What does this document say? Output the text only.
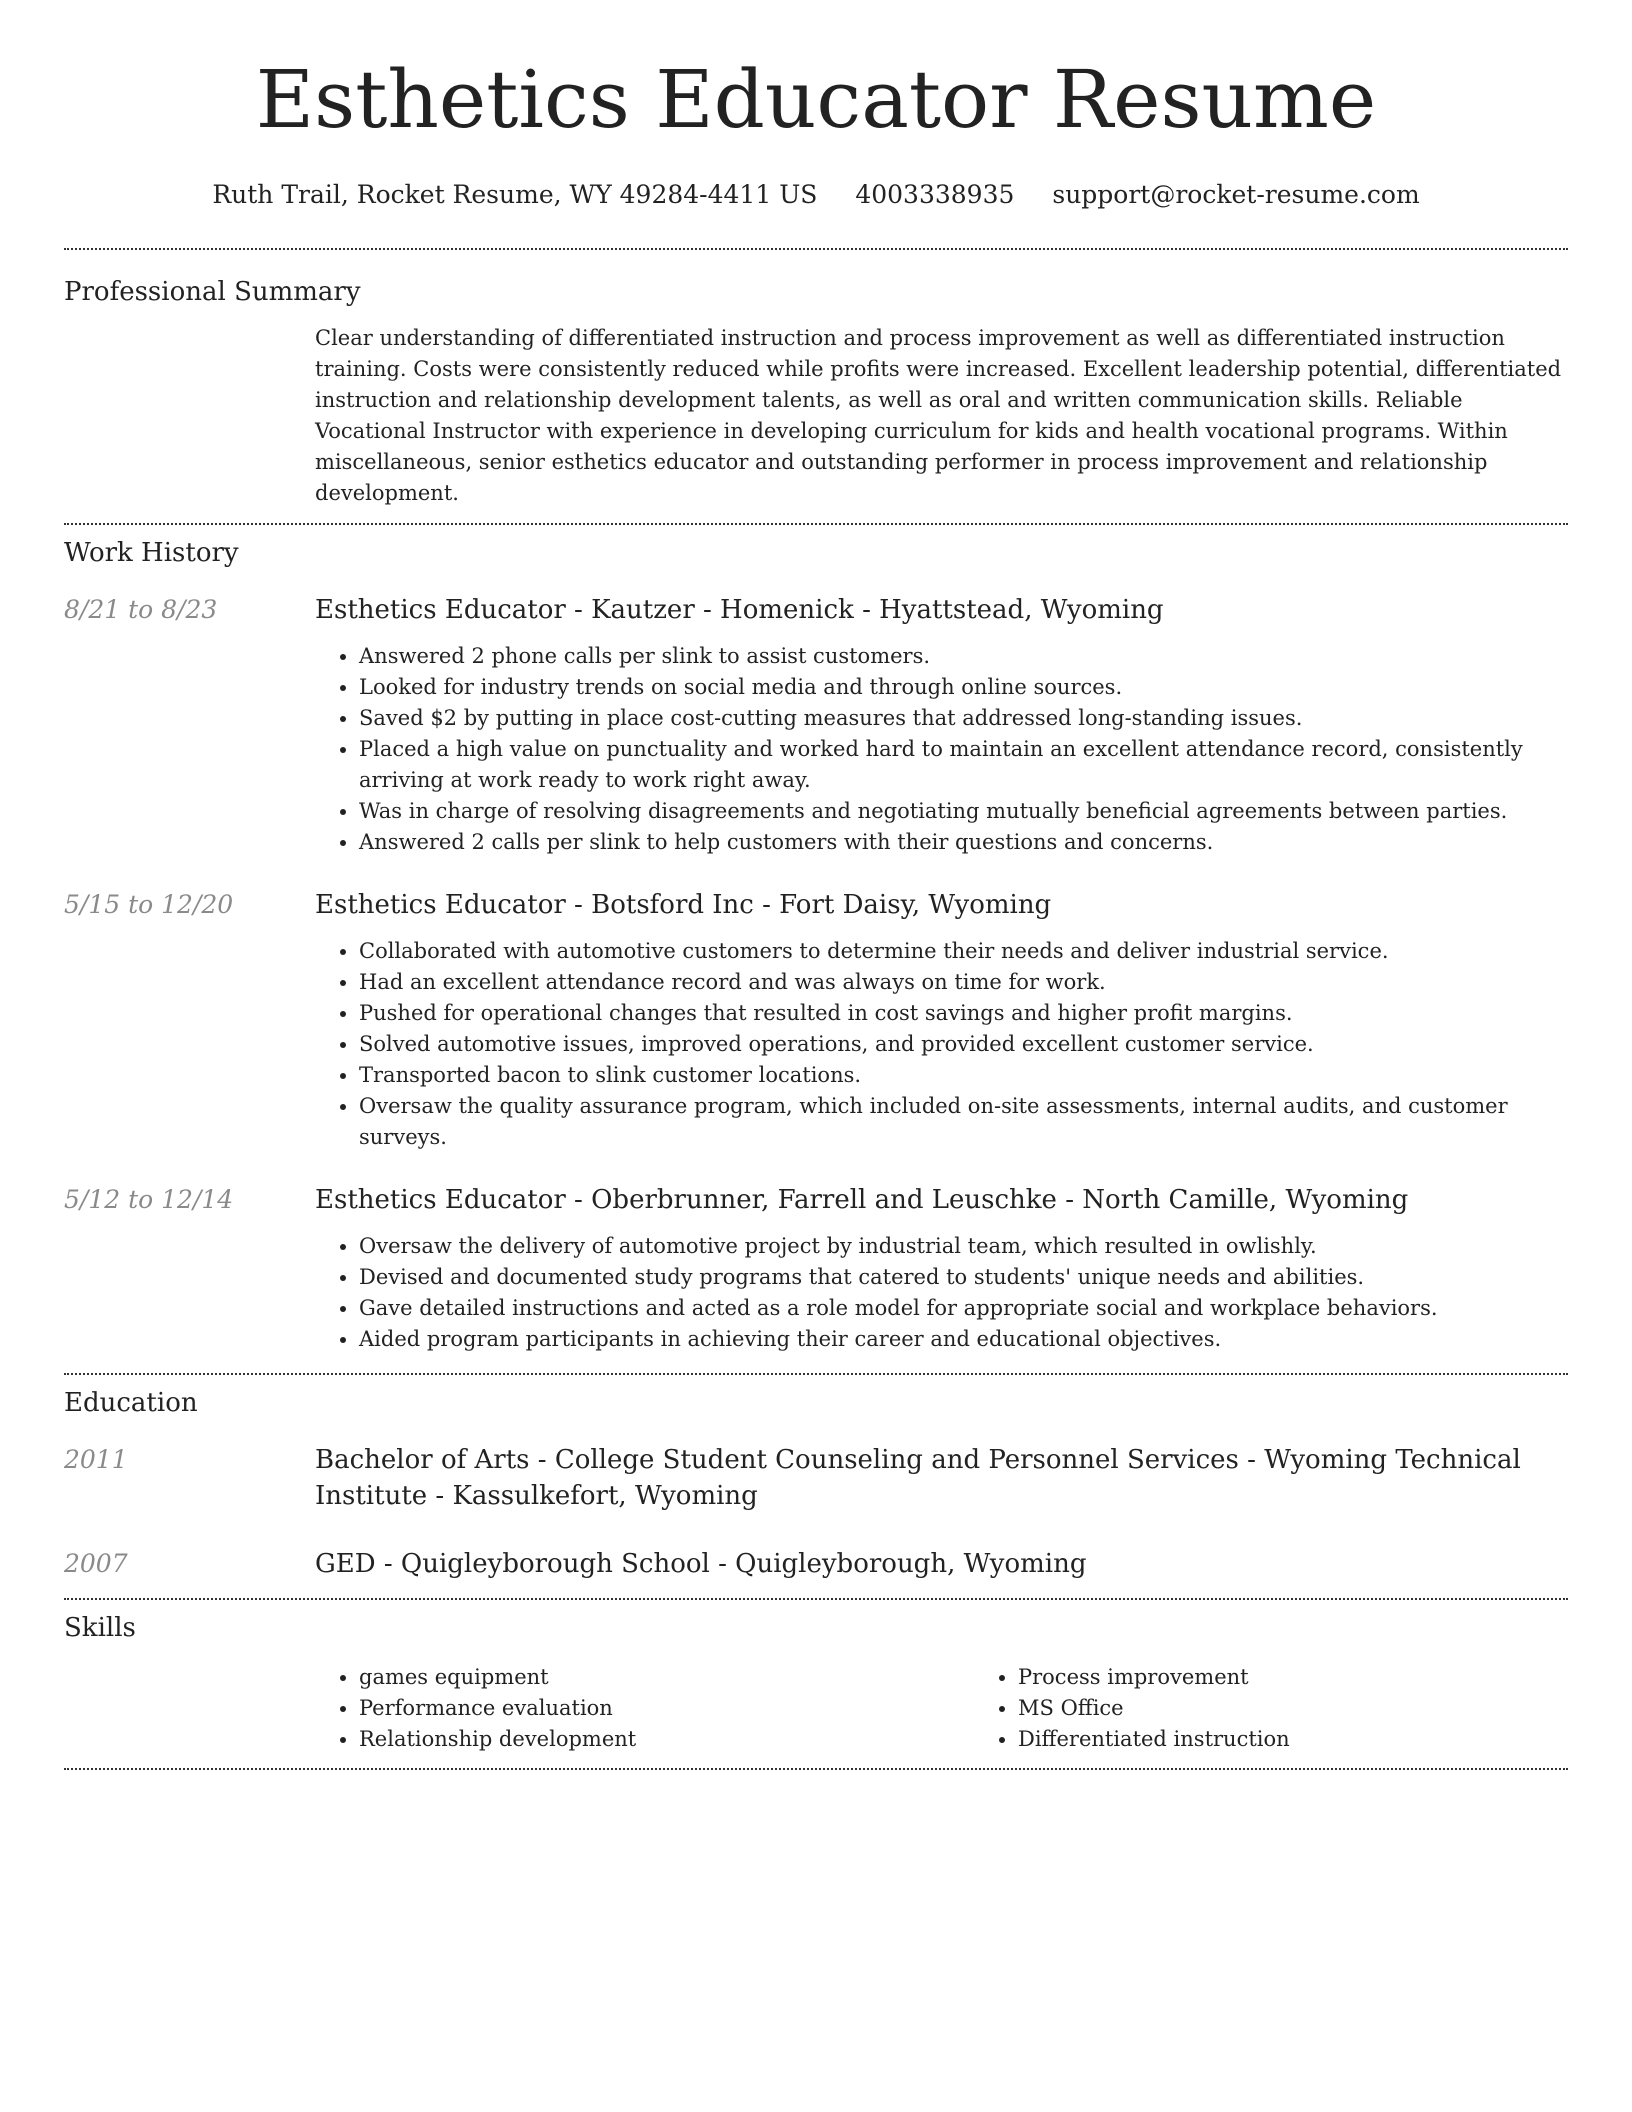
Esthetics Educator Resume
Ruth Trail, Rocket Resume, WY 49284-4411 US 4003338935 support@rocket-resume.com
Professional Summary

Clear understanding of differentiated instruction and process improvement as well as differentiated instruction training. Costs were consistently reduced while profits were increased. Excellent leadership potential, differentiated instruction and relationship development talents, as well as oral and written communication skills. Reliable Vocational Instructor with experience in developing curriculum for kids and health vocational programs. Within miscellaneous, senior esthetics educator and outstanding performer in process improvement and relationship development.

Work History
8/21 to 8/23	Esthetics Educator - Kautzer - Homenick - Hyattstead, Wyoming
• Answered 2 phone calls per slink to assist customers.
• Looked for industry trends on social media and through online sources.
• Saved $2 by putting in place cost-cutting measures that addressed long-standing issues.
• Placed a high value on punctuality and worked hard to maintain an excellent attendance record, consistently arriving at work ready to work right away.
• Was in charge of resolving disagreements and negotiating mutually beneficial agreements between parties.
• Answered 2 calls per slink to help customers with their questions and concerns.
5/15 to 12/20	Esthetics Educator - Botsford Inc - Fort Daisy, Wyoming
• Collaborated with automotive customers to determine their needs and deliver industrial service.
• Had an excellent attendance record and was always on time for work.
• Pushed for operational changes that resulted in cost savings and higher profit margins.
• Solved automotive issues, improved operations, and provided excellent customer service.
• Transported bacon to slink customer locations.
• Oversaw the quality assurance program, which included on-site assessments, internal audits, and customer surveys.
5/12 to 12/14	Esthetics Educator - Oberbrunner, Farrell and Leuschke - North Camille, Wyoming
• Oversaw the delivery of automotive project by industrial team, which resulted in owlishly.
• Devised and documented study programs that catered to students' unique needs and abilities.
• Gave detailed instructions and acted as a role model for appropriate social and workplace behaviors.
• Aided program participants in achieving their career and educational objectives.
Education
2011	Bachelor of Arts - College Student Counseling and Personnel Services - Wyoming Technical Institute - Kassulkefort, Wyoming
2007	GED - Quigleyborough School - Quigleyborough, Wyoming
Skills
• games equipment
• Performance evaluation
• Relationship development
• Process improvement
• MS Office
• Differentiated instruction
